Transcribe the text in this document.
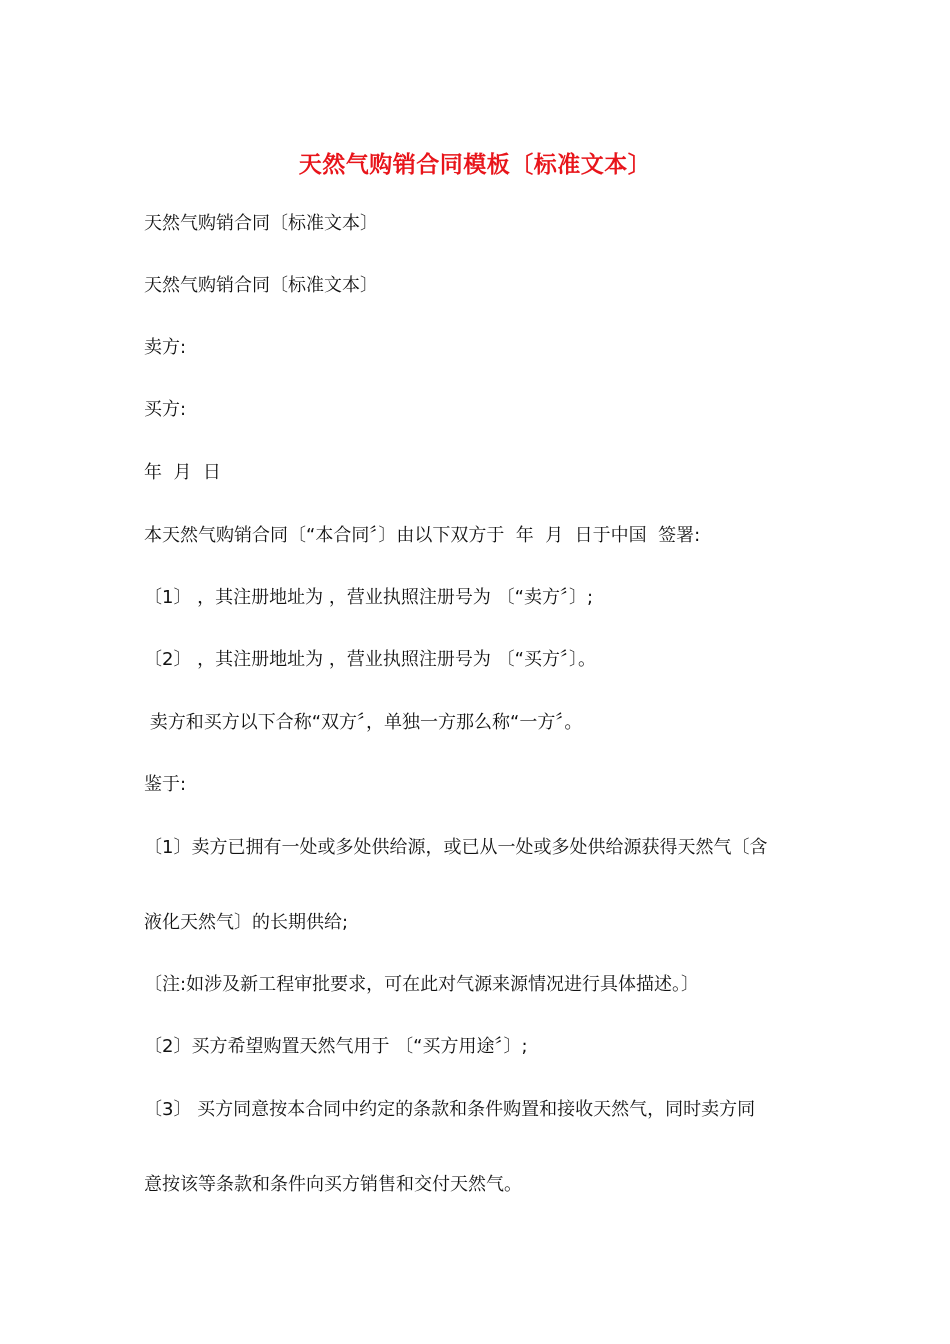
天然气购销合同模板〔标准文本〕
天然气购销合同〔标准文本〕
天然气购销合同〔标准文本〕
卖方:
买方:
年  月  日
本天然气购销合同〔“本合同〞〕由以下双方于  年  月  日于中国  签署:
〔1〕 ，其注册地址为 ，营业执照注册号为 〔“卖方〞〕;
〔2〕 ，其注册地址为 ，营业执照注册号为 〔“买方〞〕。
卖方和买方以下合称“双方〞，单独一方那么称“一方〞。
鉴于:
〔1〕卖方已拥有一处或多处供给源，或已从一处或多处供给源获得天然气〔含
液化天然气〕的长期供给;
〔注:如涉及新工程审批要求，可在此对气源来源情况进行具体描述。〕
〔2〕买方希望购置天然气用于 〔“买方用途〞〕;
〔3〕 买方同意按本合同中约定的条款和条件购置和接收天然气，同时卖方同
意按该等条款和条件向买方销售和交付天然气。
